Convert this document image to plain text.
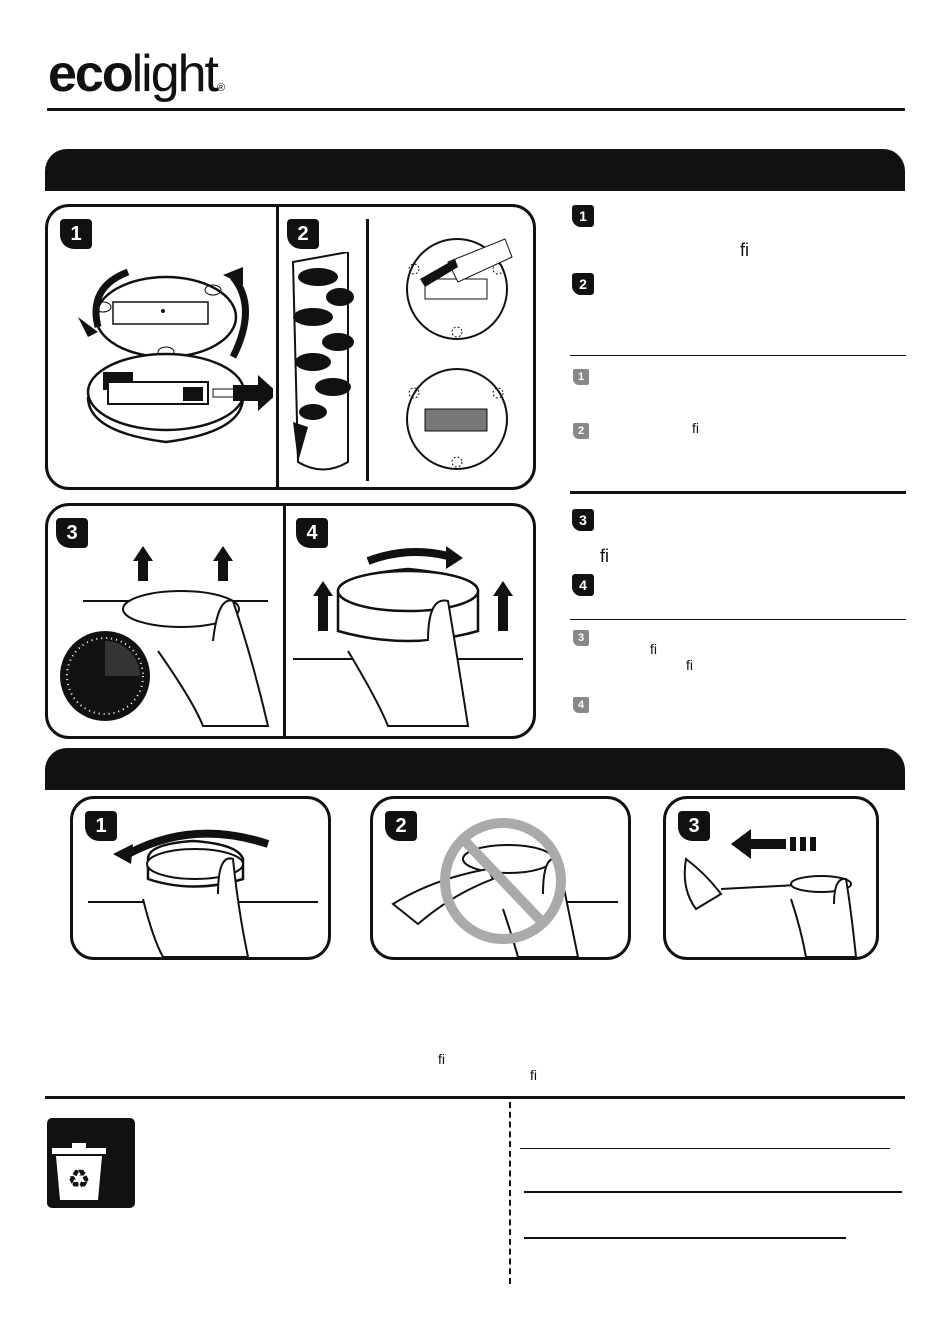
ecolight®
1	2
3	4
1
ﬁ
2
1
2	ﬁ
3
ﬁ
4
3
ﬁ
ﬁ
4
1	2	3
ﬁ
ﬁ
♻
